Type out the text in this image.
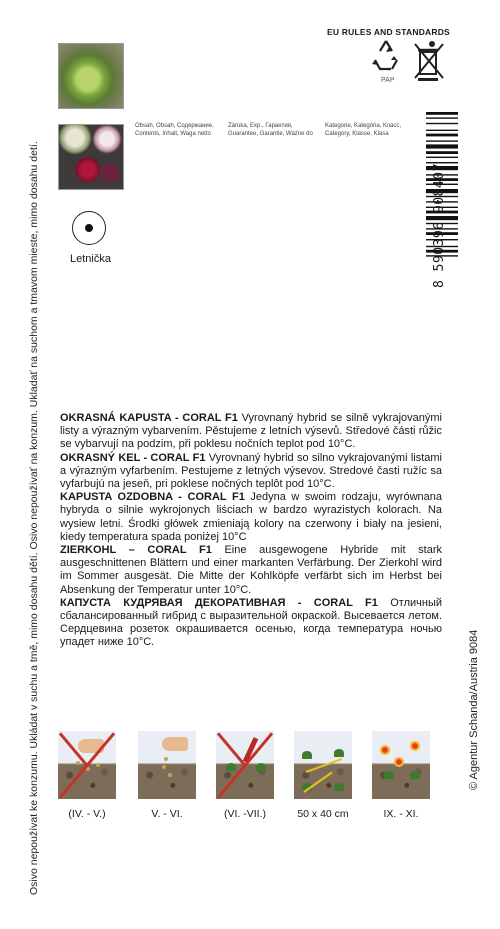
Osivo nepoužívat ke konzumu. Ukládat v suchu a tmě, mimo dosahu dětí. Osivo nepoužívať na konzum. Ukladať na suchom a tmavom mieste, mimo dosahu detí.	© Agentur Schanda/Austria 9084
Letnička
Obsah, Obsah, Содержание,
Contents, Inhalt, Waga netto
Záruka, Exp., Гарантия,
Guarantee, Garantie, Ważne do
Kategorie, Kategória, Класс,
Category, Klasse, Klasa
EU RULES AND STANDARDS
PAP
8 590396 908407

OKRASNÁ KAPUSTA - CORAL F1 Vyrovnaný hybrid se silně vykrajovanými listy a výrazným vybarvením. Pěstujeme z letních výsevů. Středové části růžic se vybarvují na podzim, při poklesu nočních teplot pod 10°C.

OKRASNÝ KEL - CORAL F1 Vyrovnaný hybrid so silno vykrajovanými listami a výrazným vyfarbením. Pestujeme z letných výsevov. Stredové časti ružíc sa vyfarbujú na jeseň, pri poklese nočných teplôt pod 10°C.

KAPUSTA OZDOBNA - CORAL F1 Jedyna w swoim rodzaju, wyrównana hybryda o silnie wykrojonych liściach w bardzo wyrazistych kolorach. Na wysiew letni. Środki główek zmieniają kolory na czerwony i biały na jesieni, kiedy temperatura spada poniżej 10°C

ZIERKOHL – CORAL F1 Eine ausgewogene Hybride mit stark ausgeschnittenen Blättern und einer markanten Verfärbung. Der Zierkohl wird im Sommer ausgesät. Die Mitte der Kohlköpfe verfärbt sich im Herbst bei Absenkung der Temperatur unter 10°C.

КАПУСТА КУДРЯВАЯ ДЕКОРАТИВНАЯ - CORAL F1 Отличный сбалансированный гибрид с выразительной окраской. Высевается летом. Сердцевина розеток окрашивается осенью, когда температура ночью упадет ниже 10°C.

(IV. - V.)	V. - VI.	(VI. -VII.)	50 x 40 cm	IX. - XI.
